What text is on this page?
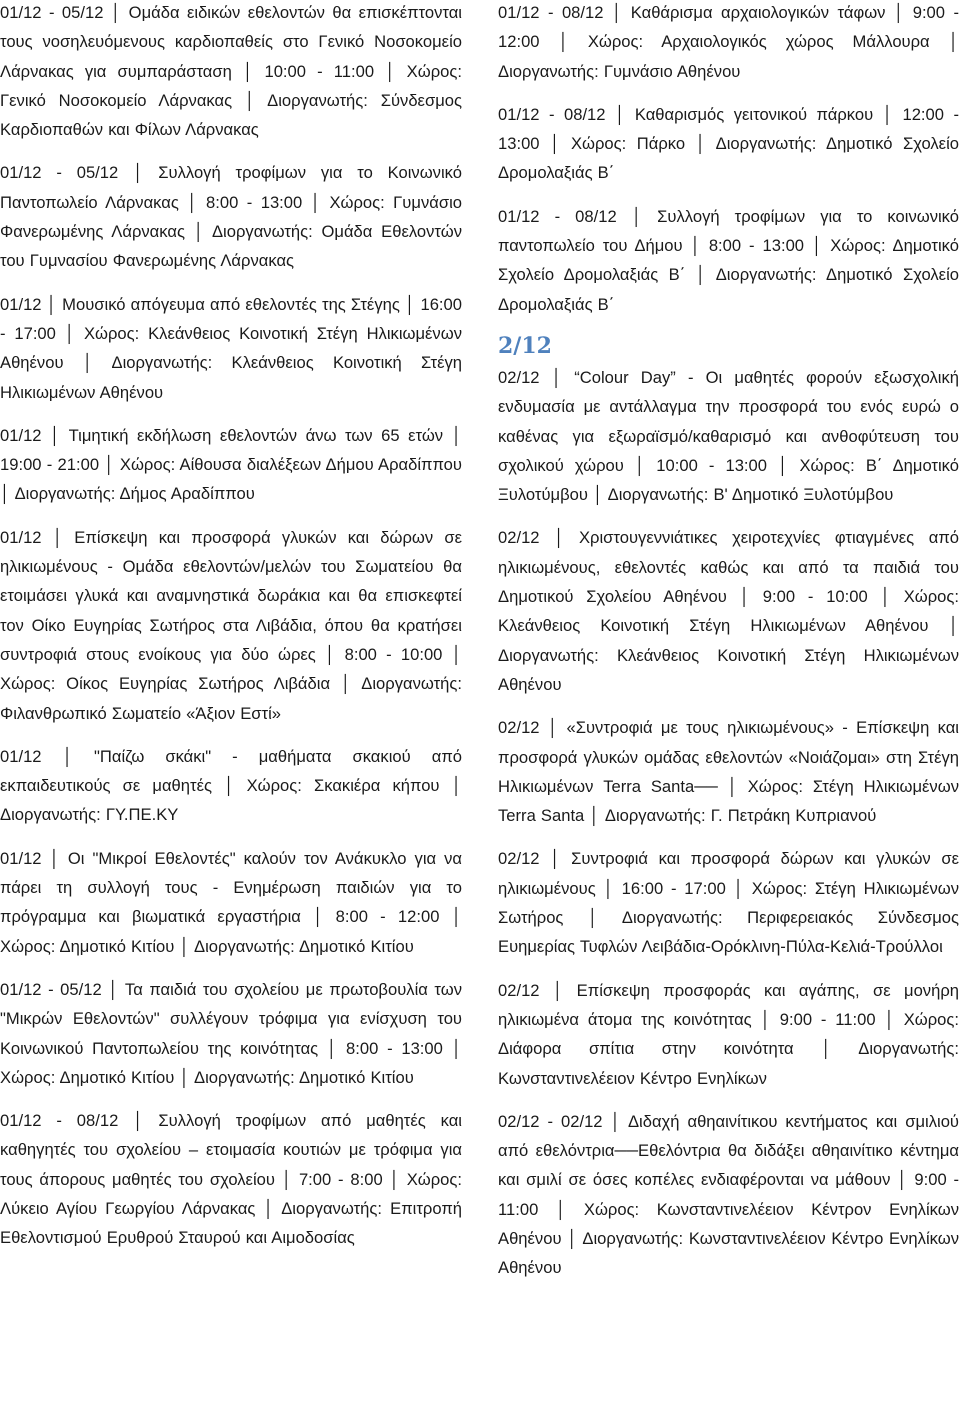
01/12 - 05/12 │ Ομάδα ειδικών εθελοντών θα επισκέπτονται τους νοσηλευόμενους καρδιοπαθείς στο Γενικό Νοσοκομείο Λάρνακας για συμπαράσταση │ 10:00 - 11:00 │ Χώρος: Γενικό Νοσοκομείο Λάρνακας │ Διοργανωτής: Σύνδεσμος Καρδιοπαθών και Φίλων Λάρνακας

01/12 - 05/12 │ Συλλογή τροφίμων για το Κοινωνικό Παντοπωλείο Λάρνακας │ 8:00 - 13:00 │ Χώρος: Γυμνάσιο Φανερωμένης Λάρνακας │ Διοργανωτής: Ομάδα Εθελοντών του Γυμνασίου Φανερωμένης Λάρνακας

01/12 │ Μουσικό απόγευμα από εθελοντές της Στέγης │ 16:00 - 17:00 │ Χώρος: Κλεάνθειος Κοινοτική Στέγη Ηλικιωμένων Αθηένου │ Διοργανωτής: Κλεάνθειος Κοινοτική Στέγη Ηλικιωμένων Αθηένου

01/12 │ Τιμητική εκδήλωση εθελοντών άνω των 65 ετών │ 19:00 - 21:00 │ Χώρος: Αίθουσα διαλέξεων Δήμου Αραδίππου │ Διοργανωτής: Δήμος Αραδίππου

01/12 │ Επίσκεψη και προσφορά γλυκών και δώρων σε ηλικιωμένους - Ομάδα εθελοντών/μελών του Σωματείου θα ετοιμάσει γλυκά και αναμνηστικά δωράκια και θα επισκεφτεί τον Οίκο Ευγηρίας Σωτήρος στα Λιβάδια, όπου θα κρατήσει συντροφιά στους ενοίκους για δύο ώρες │ 8:00 - 10:00 │ Χώρος: Οίκος Ευγηρίας Σωτήρος Λιβάδια │ Διοργανωτής: Φιλανθρωπικό Σωματείο «Άξιον Εστί»

01/12 │ "Παίζω σκάκι" - μαθήματα σκακιού από εκπαιδευτικούς σε μαθητές │ Χώρος: Σκακιέρα κήπου │ Διοργανωτής: ΓΥ.ΠΕ.ΚΥ

01/12 │ Οι "Μικροί Εθελοντές" καλούν τον Ανάκυκλο για να πάρει τη συλλογή τους - Ενημέρωση παιδιών για το πρόγραμμα και βιωματικά εργαστήρια │ 8:00 - 12:00 │ Χώρος: Δημοτικό Κιτίου │ Διοργανωτής: Δημοτικό Κιτίου

01/12 - 05/12 │ Τα παιδιά του σχολείου με πρωτοβουλία των "Μικρών Εθελοντών" συλλέγουν τρόφιμα για ενίσχυση του Κοινωνικού Παντοπωλείου της κοινότητας │ 8:00 - 13:00 │ Χώρος: Δημοτικό Κιτίου │ Διοργανωτής: Δημοτικό Κιτίου

01/12 - 08/12 │ Συλλογή τροφίμων από μαθητές και καθηγητές του σχολείου – ετοιμασία κουτιών με τρόφιμα για τους άπορους μαθητές του σχολείου │ 7:00 - 8:00 │ Χώρος: Λύκειο Αγίου Γεωργίου Λάρνακας │ Διοργανωτής: Επιτροπή Εθελοντισμού Ερυθρού Σταυρού και Αιμοδοσίας

01/12 - 08/12 │ Καθάρισμα αρχαιολογικών τάφων │ 9:00 - 12:00 │ Χώρος: Αρχαιολογικός χώρος Μάλλουρα │ Διοργανωτής: Γυμνάσιο Αθηένου

01/12 - 08/12 │ Καθαρισμός γειτονικού πάρκου │ 12:00 - 13:00 │ Χώρος: Πάρκο │ Διοργανωτής: Δημοτικό Σχολείο Δρομολαξιάς Β΄

01/12 - 08/12 │ Συλλογή τροφίμων για το κοινωνικό παντοπωλείο του Δήμου │ 8:00 - 13:00 │ Χώρος: Δημοτικό Σχολείο Δρομολαξιάς Β΄ │ Διοργανωτής: Δημοτικό Σχολείο Δρομολαξιάς Β΄

2/12

02/12 │ “Colour Day” - Οι μαθητές φορούν εξωσχολική ενδυμασία με αντάλλαγμα την προσφορά του ενός ευρώ ο καθένας για εξωραϊσμό/καθαρισμό και ανθοφύτευση του σχολικού χώρου │ 10:00 - 13:00 │ Χώρος: Β΄ Δημοτικό Ξυλοτύμβου │ Διοργανωτής: Β' Δημοτικό Ξυλοτύμβου

02/12 │ Χριστουγεννιάτικες χειροτεχνίες φτιαγμένες από ηλικιωμένους, εθελοντές καθώς και από τα παιδιά του Δημοτικού Σχολείου Αθηένου │ 9:00 - 10:00 │ Χώρος: Κλεάνθειος Κοινοτική Στέγη Ηλικιωμένων Αθηένου │ Διοργανωτής: Κλεάνθειος Κοινοτική Στέγη Ηλικιωμένων Αθηένου

02/12 │ «Συντροφιά με τους ηλικιωμένους» - Επίσκεψη και προσφορά γλυκών ομάδας εθελοντών «Νοιάζομαι» στη Στέγη Ηλικιωμένων Terra Santa── │ Χώρος: Στέγη Ηλικιωμένων Terra Santa │ Διοργανωτής: Γ. Πετράκη Κυπριανού

02/12 │ Συντροφιά και προσφορά δώρων και γλυκών σε ηλικιωμένους │ 16:00 - 17:00 │ Χώρος: Στέγη Ηλικιωμένων Σωτήρος │ Διοργανωτής: Περιφερειακός Σύνδεσμος Ευημερίας Τυφλών Λειβάδια-Ορόκλινη-Πύλα-Κελιά-Τρούλλοι

02/12 │ Επίσκεψη προσφοράς και αγάπης, σε μονήρη ηλικιωμένα άτομα της κοινότητας │ 9:00 - 11:00 │ Χώρος: Διάφορα σπίτια στην κοινότητα │ Διοργανωτής: Κωνσταντινελέειον Κέντρο Ενηλίκων

02/12 - 02/12 │ Διδαχή αθηαινίτικου κεντήματος και σμιλιού από εθελόντρια──Εθελόντρια θα διδάξει αθηαινίτικο κέντημα και σμιλί σε όσες κοπέλες ενδιαφέρονται να μάθουν │ 9:00 - 11:00 │ Χώρος: Κωνσταντινελέειον Κέντρον Ενηλίκων Αθηένου │ Διοργανωτής: Κωνσταντινελέειον Κέντρο Ενηλίκων Αθηένου
